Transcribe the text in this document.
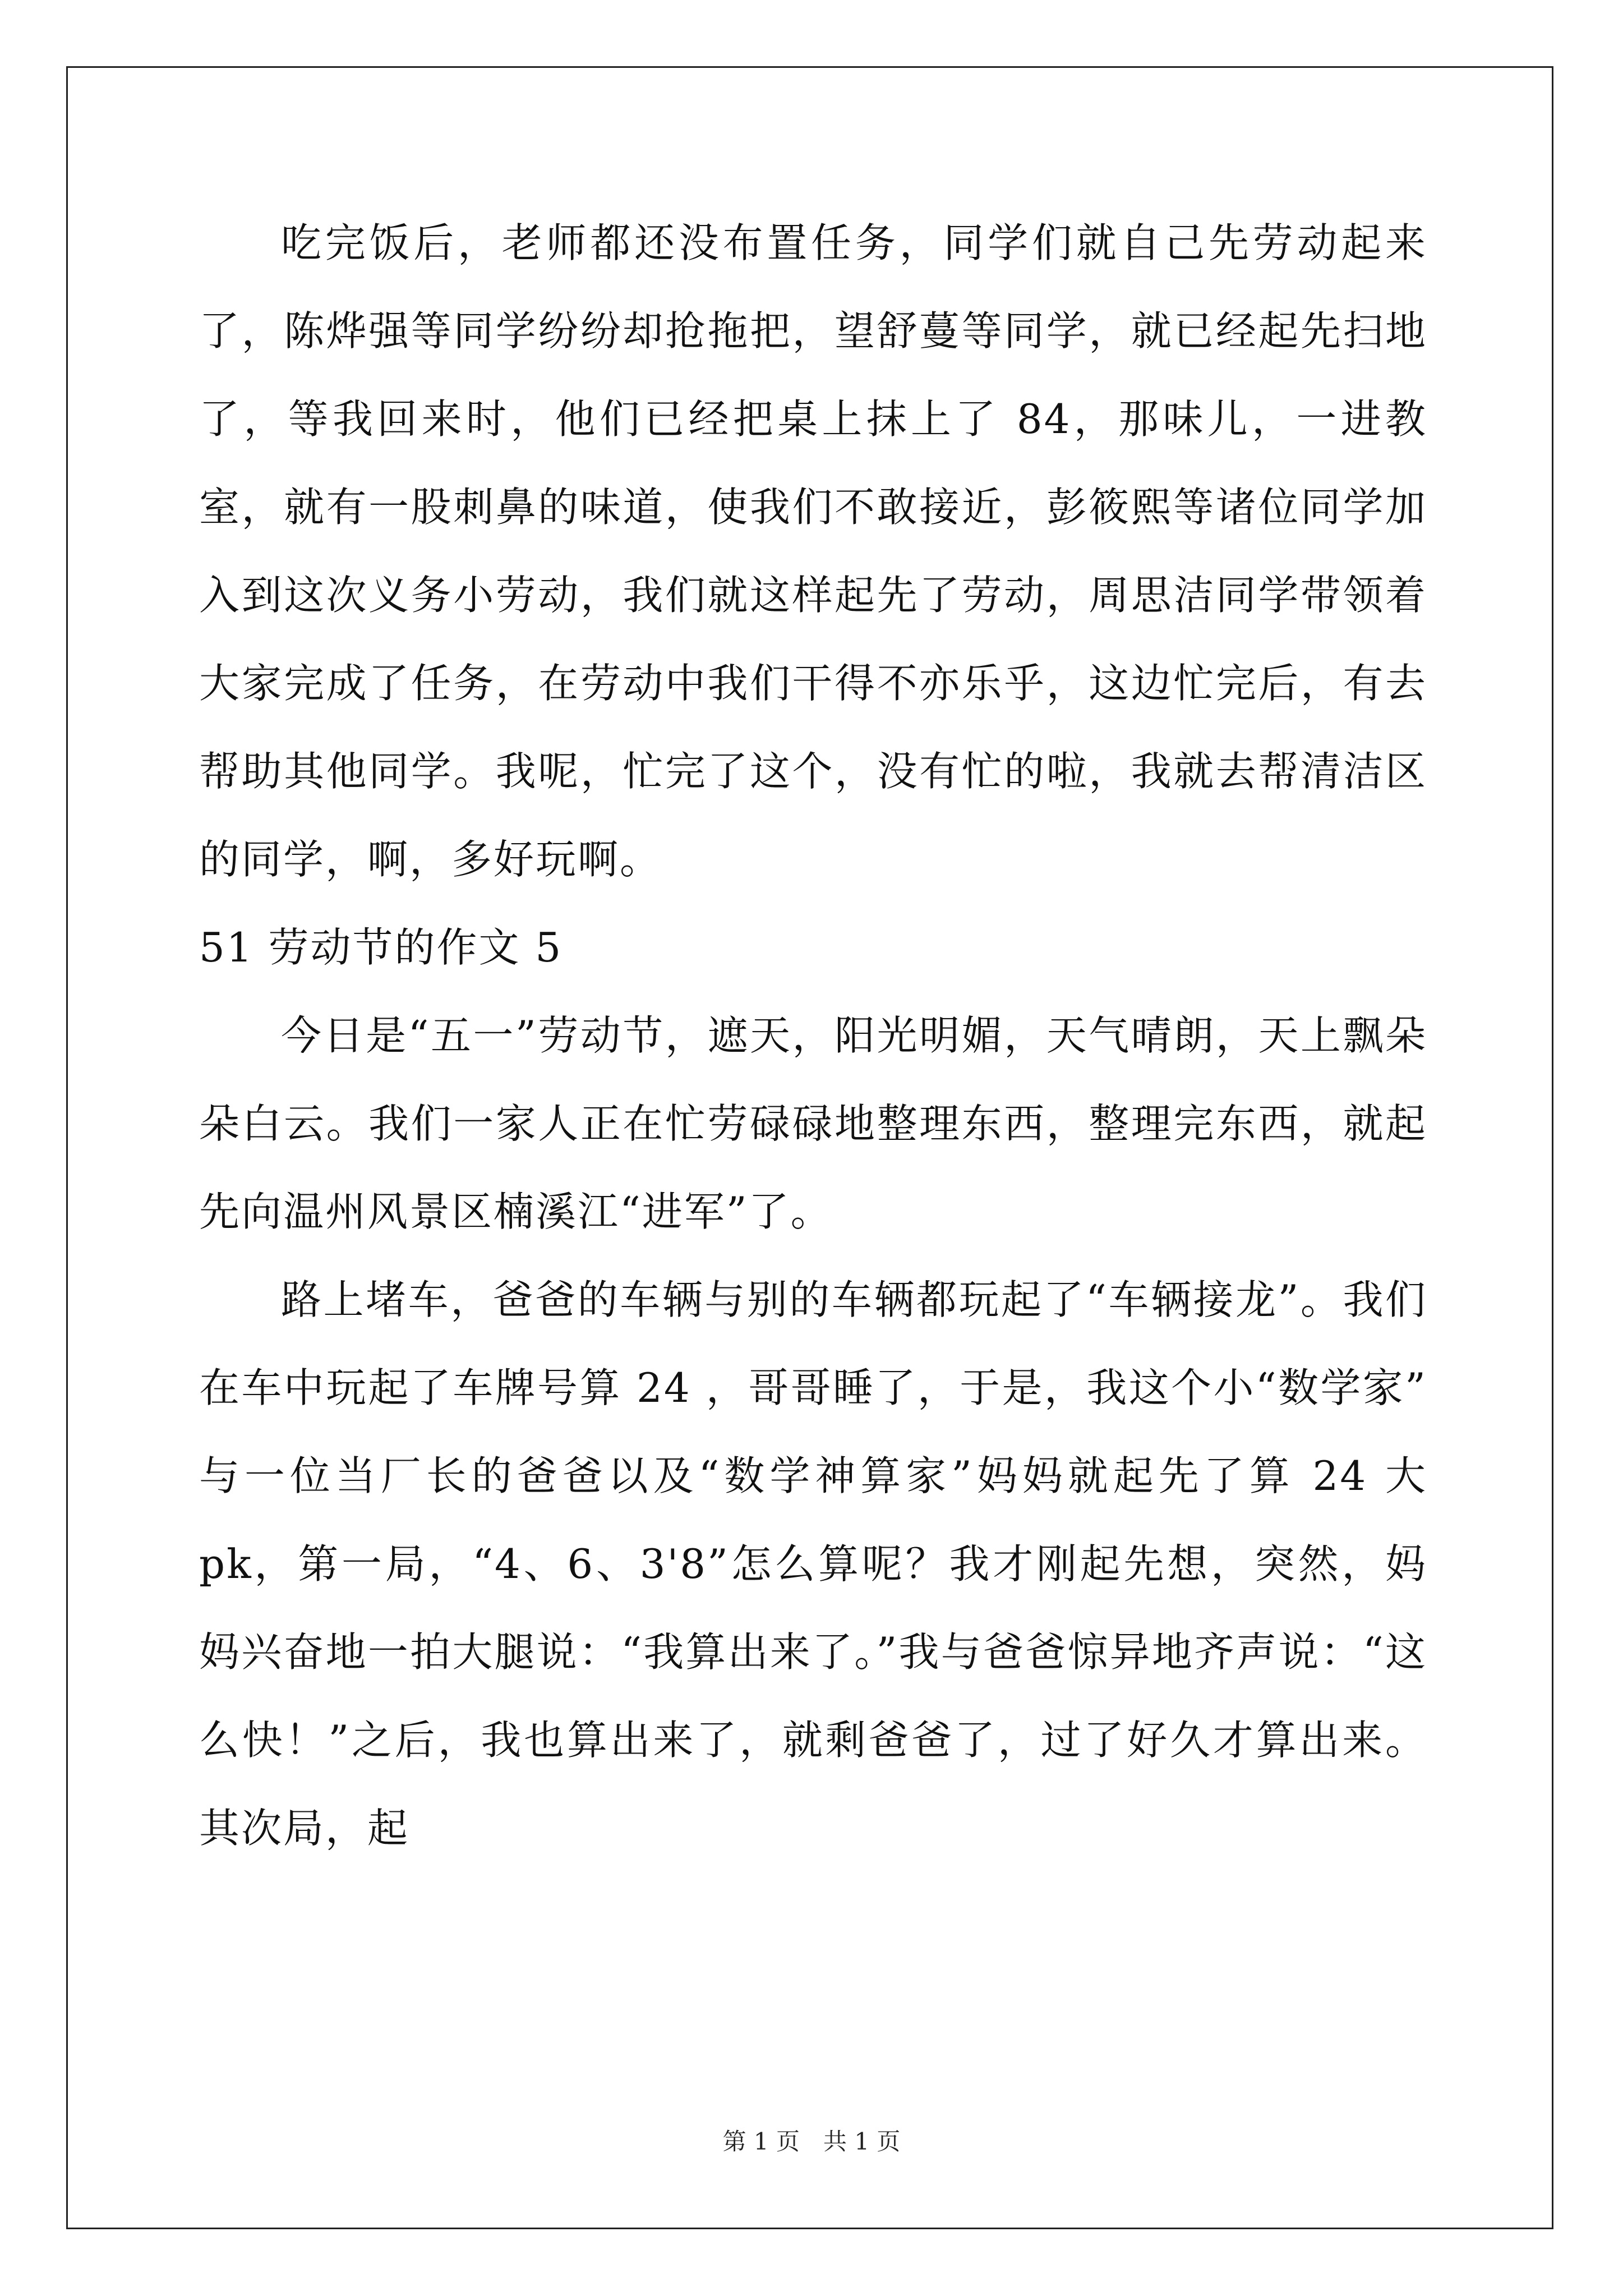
吃完饭后，老师都还没布置任务，同学们就自己先劳动起来了，陈烨强等同学纷纷却抢拖把，望舒蔓等同学，就已经起先扫地了，等我回来时，他们已经把桌上抹上了 84，那味儿，一进教室，就有一股刺鼻的味道，使我们不敢接近，彭筱熙等诸位同学加入到这次义务小劳动，我们就这样起先了劳动，周思洁同学带领着大家完成了任务，在劳动中我们干得不亦乐乎，这边忙完后，有去帮助其他同学。我呢，忙完了这个，没有忙的啦，我就去帮清洁区的同学，啊，多好玩啊。

51 劳动节的作文 5

今日是“五一”劳动节，遮天，阳光明媚，天气晴朗，天上飘朵朵白云。我们一家人正在忙劳碌碌地整理东西，整理完东西，就起先向温州风景区楠溪江“进军”了。

路上堵车，爸爸的车辆与别的车辆都玩起了“车辆接龙”。我们在车中玩起了车牌号算 24 ，哥哥睡了，于是，我这个小“数学家” 与一位当厂长的爸爸以及“数学神算家”妈妈就起先了算 24 大 pk，第一局，“4、6、3'8”怎么算呢？我才刚起先想，突然，妈妈兴奋地一拍大腿说：“我算出来了。”我与爸爸惊异地齐声说：“这么快！”之后，我也算出来了，就剩爸爸了，过了好久才算出来。其次局，起

第 1 页　共 1 页
